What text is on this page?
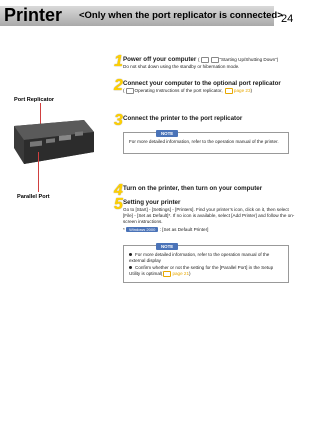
Printer <Only when the port replicator is connected>
24
Port Replicator
Parallel Port
1 Power off your computer (	“Starting Up/Shutting Down”)
Do not shut down using the standby or hibernation mode.
2 Connect your computer to the optional port replicator
( Operating Instructions of the port replicator, page 23)
3 Connect the printer to the port replicator
NOTE
For more detailed information, refer to the operation manual of the printer.
4 Turn on the printer, then turn on your computer
5 Setting your printer
Go to [Start] - [Settings] - [Printers]. Find your printer’s icon, click on it, then select [File] - [Set as Default]*. If no icon is available, select [Add Printer] and follow the on-screen instructions.
* Windows 2000 : [Set as Default Printer]
NOTE
For more detailed information, refer to the operation manual of the external display
Confirm whether or not the setting for the [Parallel Port] in the Setup Utility is optimal( page 21)
